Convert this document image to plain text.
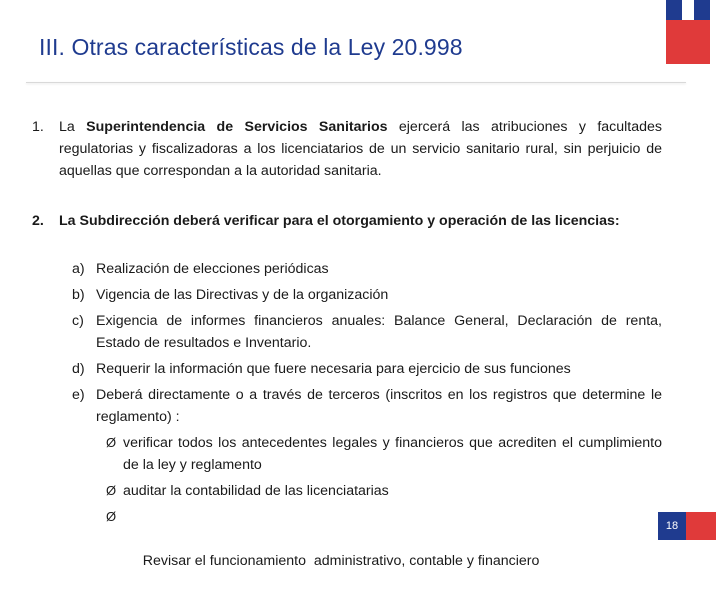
III. Otras características de la Ley 20.998
1. La Superintendencia de Servicios Sanitarios ejercerá las atribuciones y facultades regulatorias y fiscalizadoras a los licenciatarios de un servicio sanitario rural, sin perjuicio de aquellas que correspondan a la autoridad sanitaria.
2. La Subdirección deberá verificar para el otorgamiento y operación de las licencias:
a) Realización de elecciones periódicas
b) Vigencia de las Directivas y de la organización
c) Exigencia de informes financieros anuales: Balance General, Declaración de renta, Estado de resultados e Inventario.
d) Requerir la información que fuere necesaria para ejercicio de sus funciones
e) Deberá directamente o a través de terceros (inscritos en los registros que determine le reglamento) :
Ø verificar todos los antecedentes legales y financieros que acrediten el cumplimiento de la ley y reglamento
Ø auditar la contabilidad de las licenciatarias

Ø

Revisar el funcionamiento  administrativo, contable y financiero

18
